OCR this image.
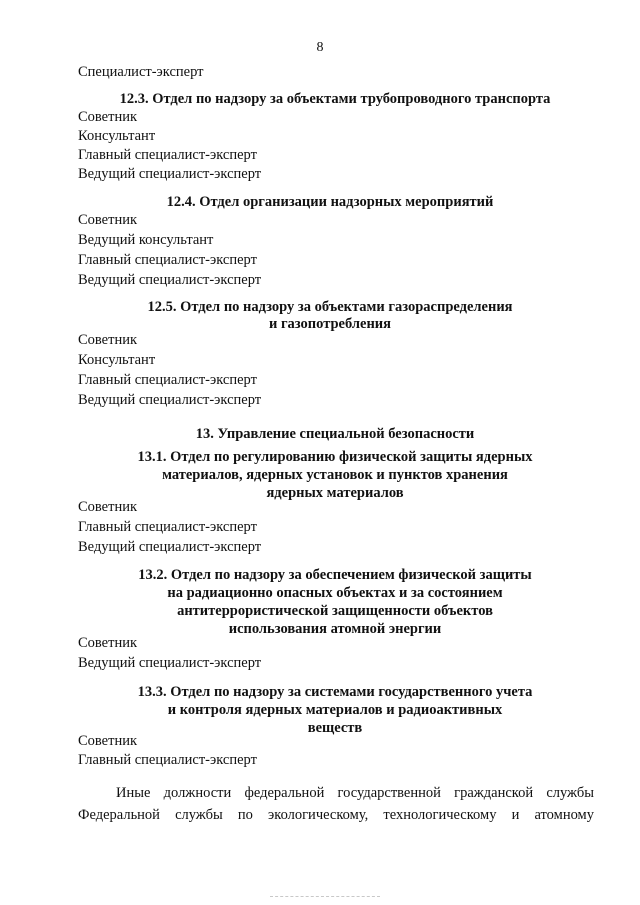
8
Специалист-эксперт
12.3. Отдел по надзору за объектами трубопроводного транспорта
Советник
Консультант
Главный специалист-эксперт
Ведущий специалист-эксперт
12.4. Отдел организации надзорных мероприятий
Советник
Ведущий консультант
Главный специалист-эксперт
Ведущий специалист-эксперт
12.5. Отдел по надзору за объектами газораспределения
и газопотребления
Советник
Консультант
Главный специалист-эксперт
Ведущий специалист-эксперт
13. Управление специальной безопасности
13.1. Отдел по регулированию физической защиты ядерных
материалов, ядерных установок и пунктов хранения
ядерных материалов
Советник
Главный специалист-эксперт
Ведущий специалист-эксперт
13.2. Отдел по надзору за обеспечением физической защиты
на радиационно опасных объектах и за состоянием
антитеррористической защищенности объектов
использования атомной энергии
Советник
Ведущий специалист-эксперт
13.3. Отдел по надзору за системами государственного учета
и контроля ядерных материалов и радиоактивных
веществ
Советник
Главный специалист-эксперт
Иные должности федеральной государственной гражданской службы
Федеральной службы по экологическому, технологическому и атомному
